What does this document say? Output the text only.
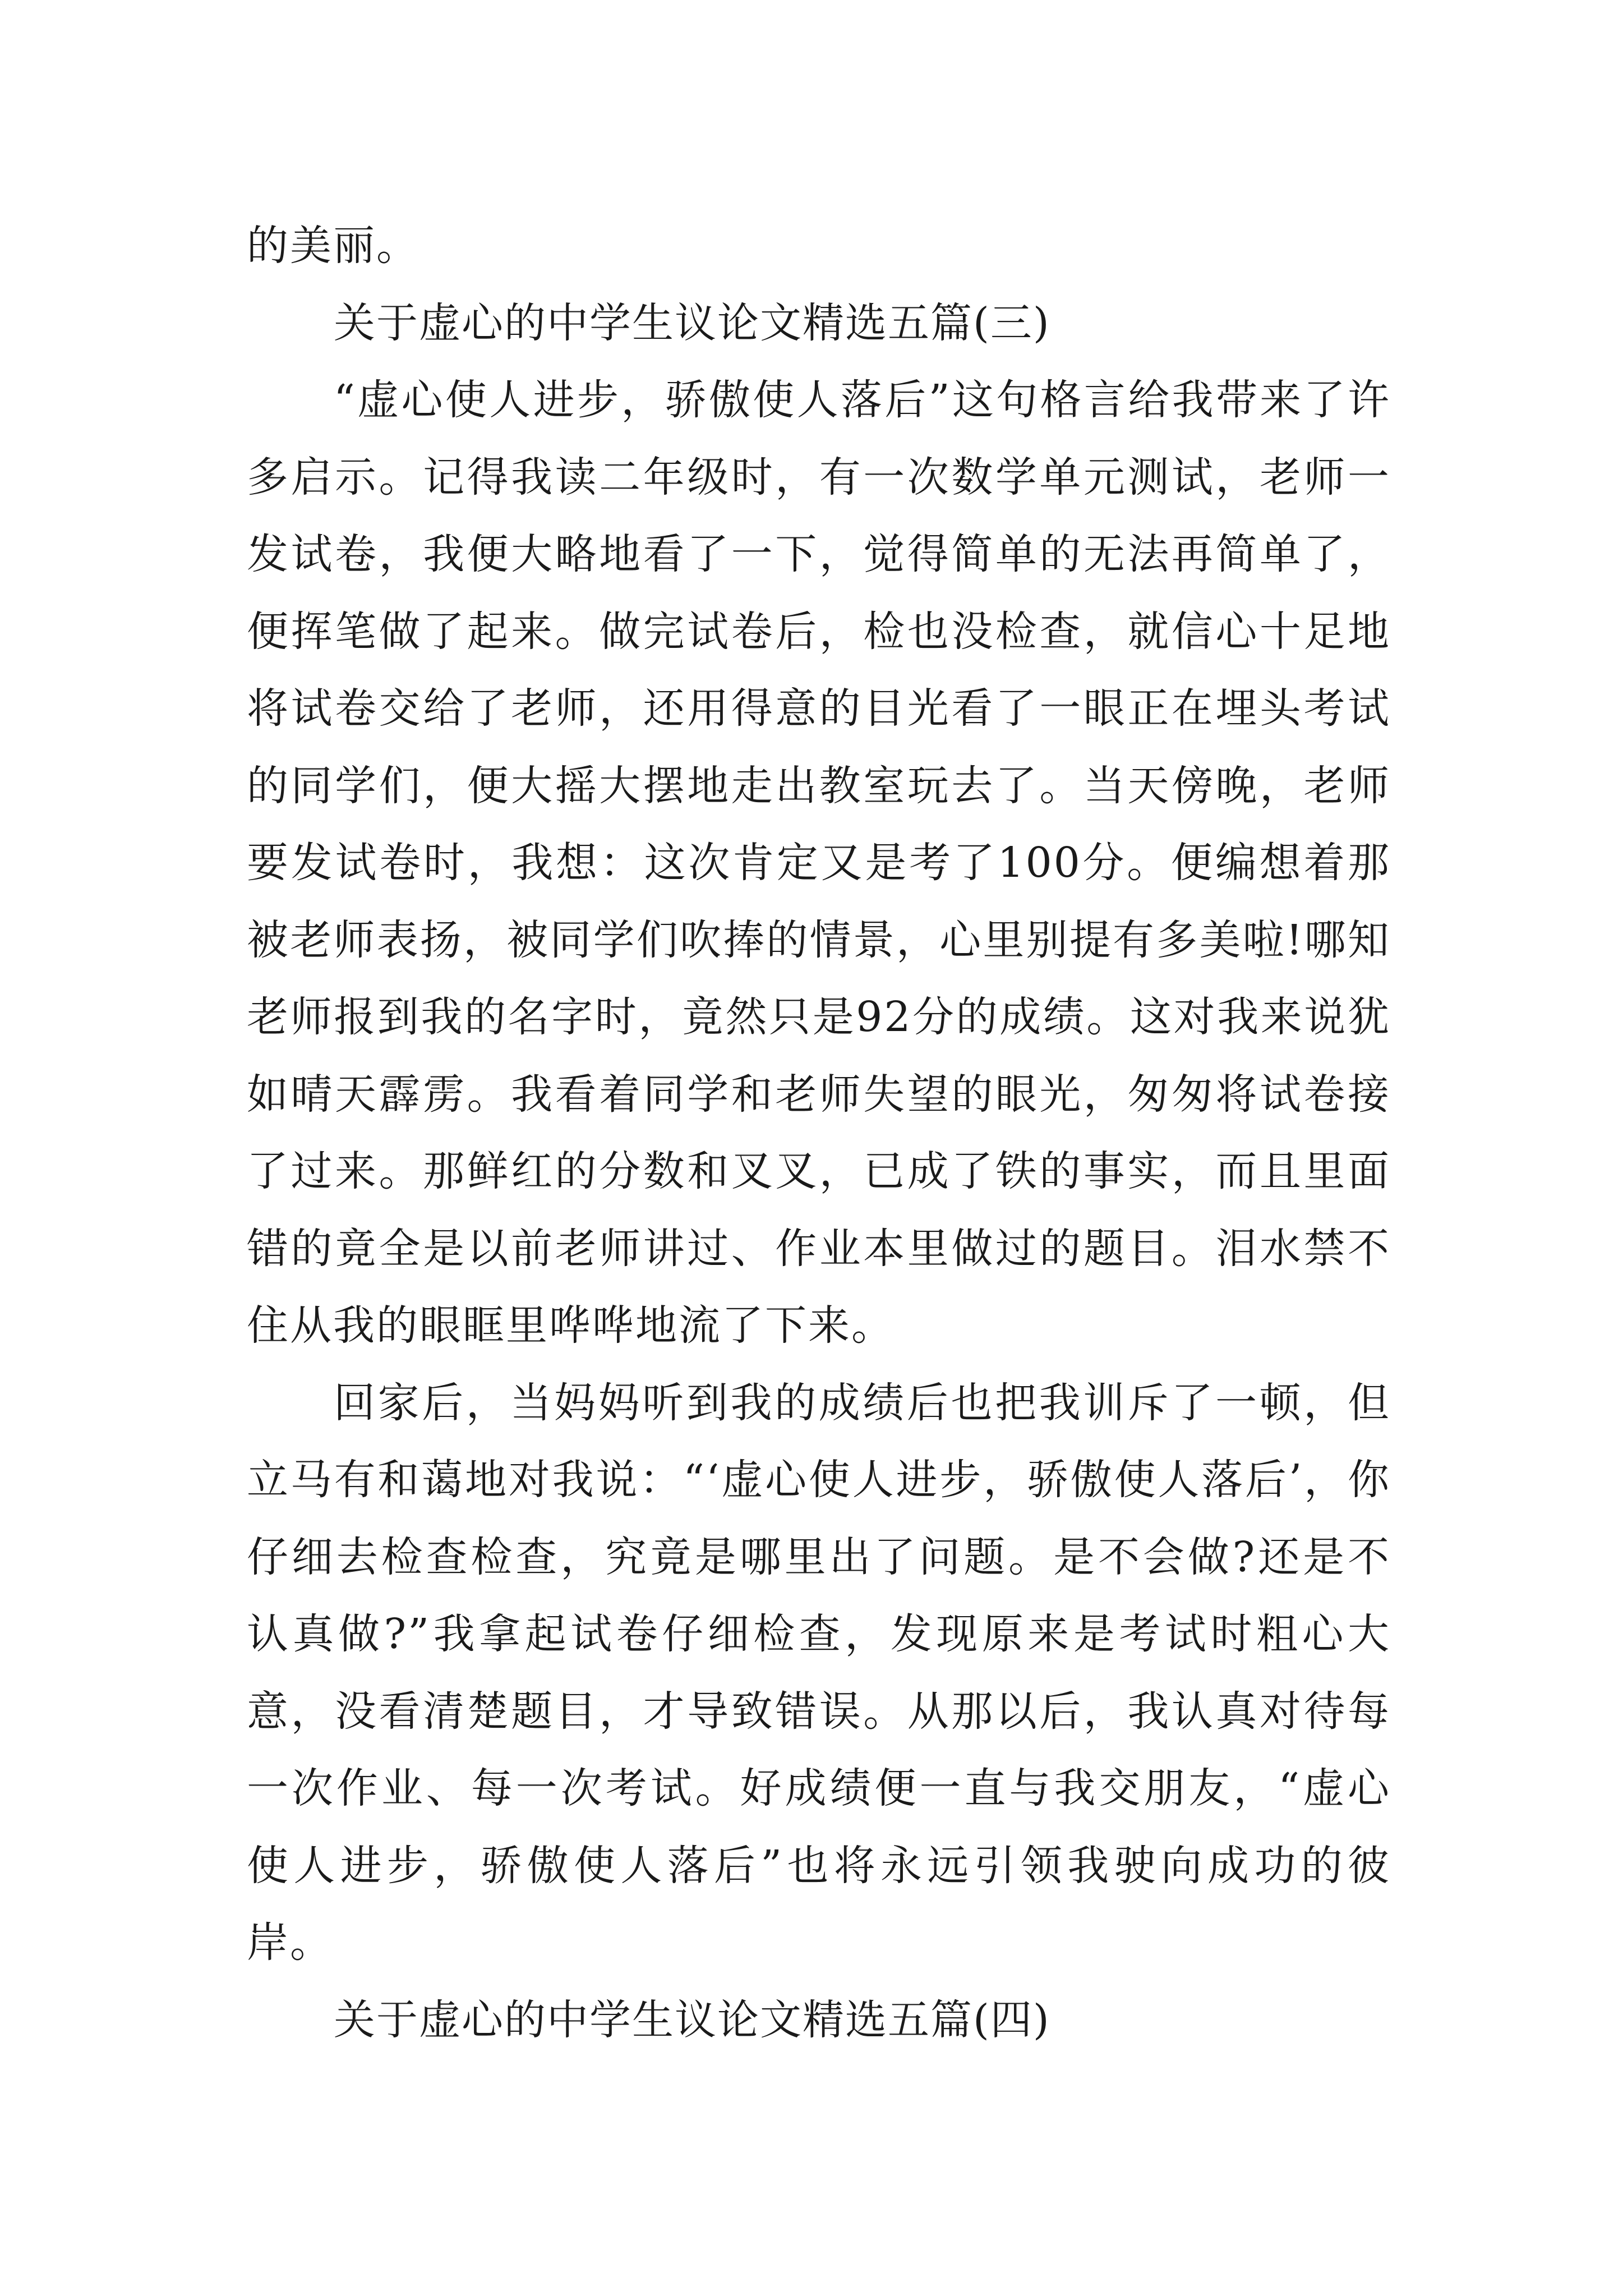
的美丽。

关于虚心的中学生议论文精选五篇(三)

“虚心使人进步，骄傲使人落后”这句格言给我带来了许多启示。记得我读二年级时，有一次数学单元测试，老师一发试卷，我便大略地看了一下，觉得简单的无法再简单了，便挥笔做了起来。做完试卷后，检也没检查，就信心十足地将试卷交给了老师，还用得意的目光看了一眼正在埋头考试的同学们，便大摇大摆地走出教室玩去了。当天傍晚，老师要发试卷时，我想：这次肯定又是考了100分。便编想着那被老师表扬，被同学们吹捧的情景，心里别提有多美啦!哪知老师报到我的名字时，竟然只是92分的成绩。这对我来说犹如晴天霹雳。我看着同学和老师失望的眼光，匆匆将试卷接了过来。那鲜红的分数和叉叉，已成了铁的事实，而且里面错的竟全是以前老师讲过、作业本里做过的题目。泪水禁不住从我的眼眶里哗哗地流了下来。

回家后，当妈妈听到我的成绩后也把我训斥了一顿，但立马有和蔼地对我说：“‘虚心使人进步，骄傲使人落后’，你仔细去检查检查，究竟是哪里出了问题。是不会做?还是不认真做?”我拿起试卷仔细检查，发现原来是考试时粗心大意，没看清楚题目，才导致错误。从那以后，我认真对待每一次作业、每一次考试。好成绩便一直与我交朋友，“虚心使人进步，骄傲使人落后”也将永远引领我驶向成功的彼岸。

关于虚心的中学生议论文精选五篇(四)
